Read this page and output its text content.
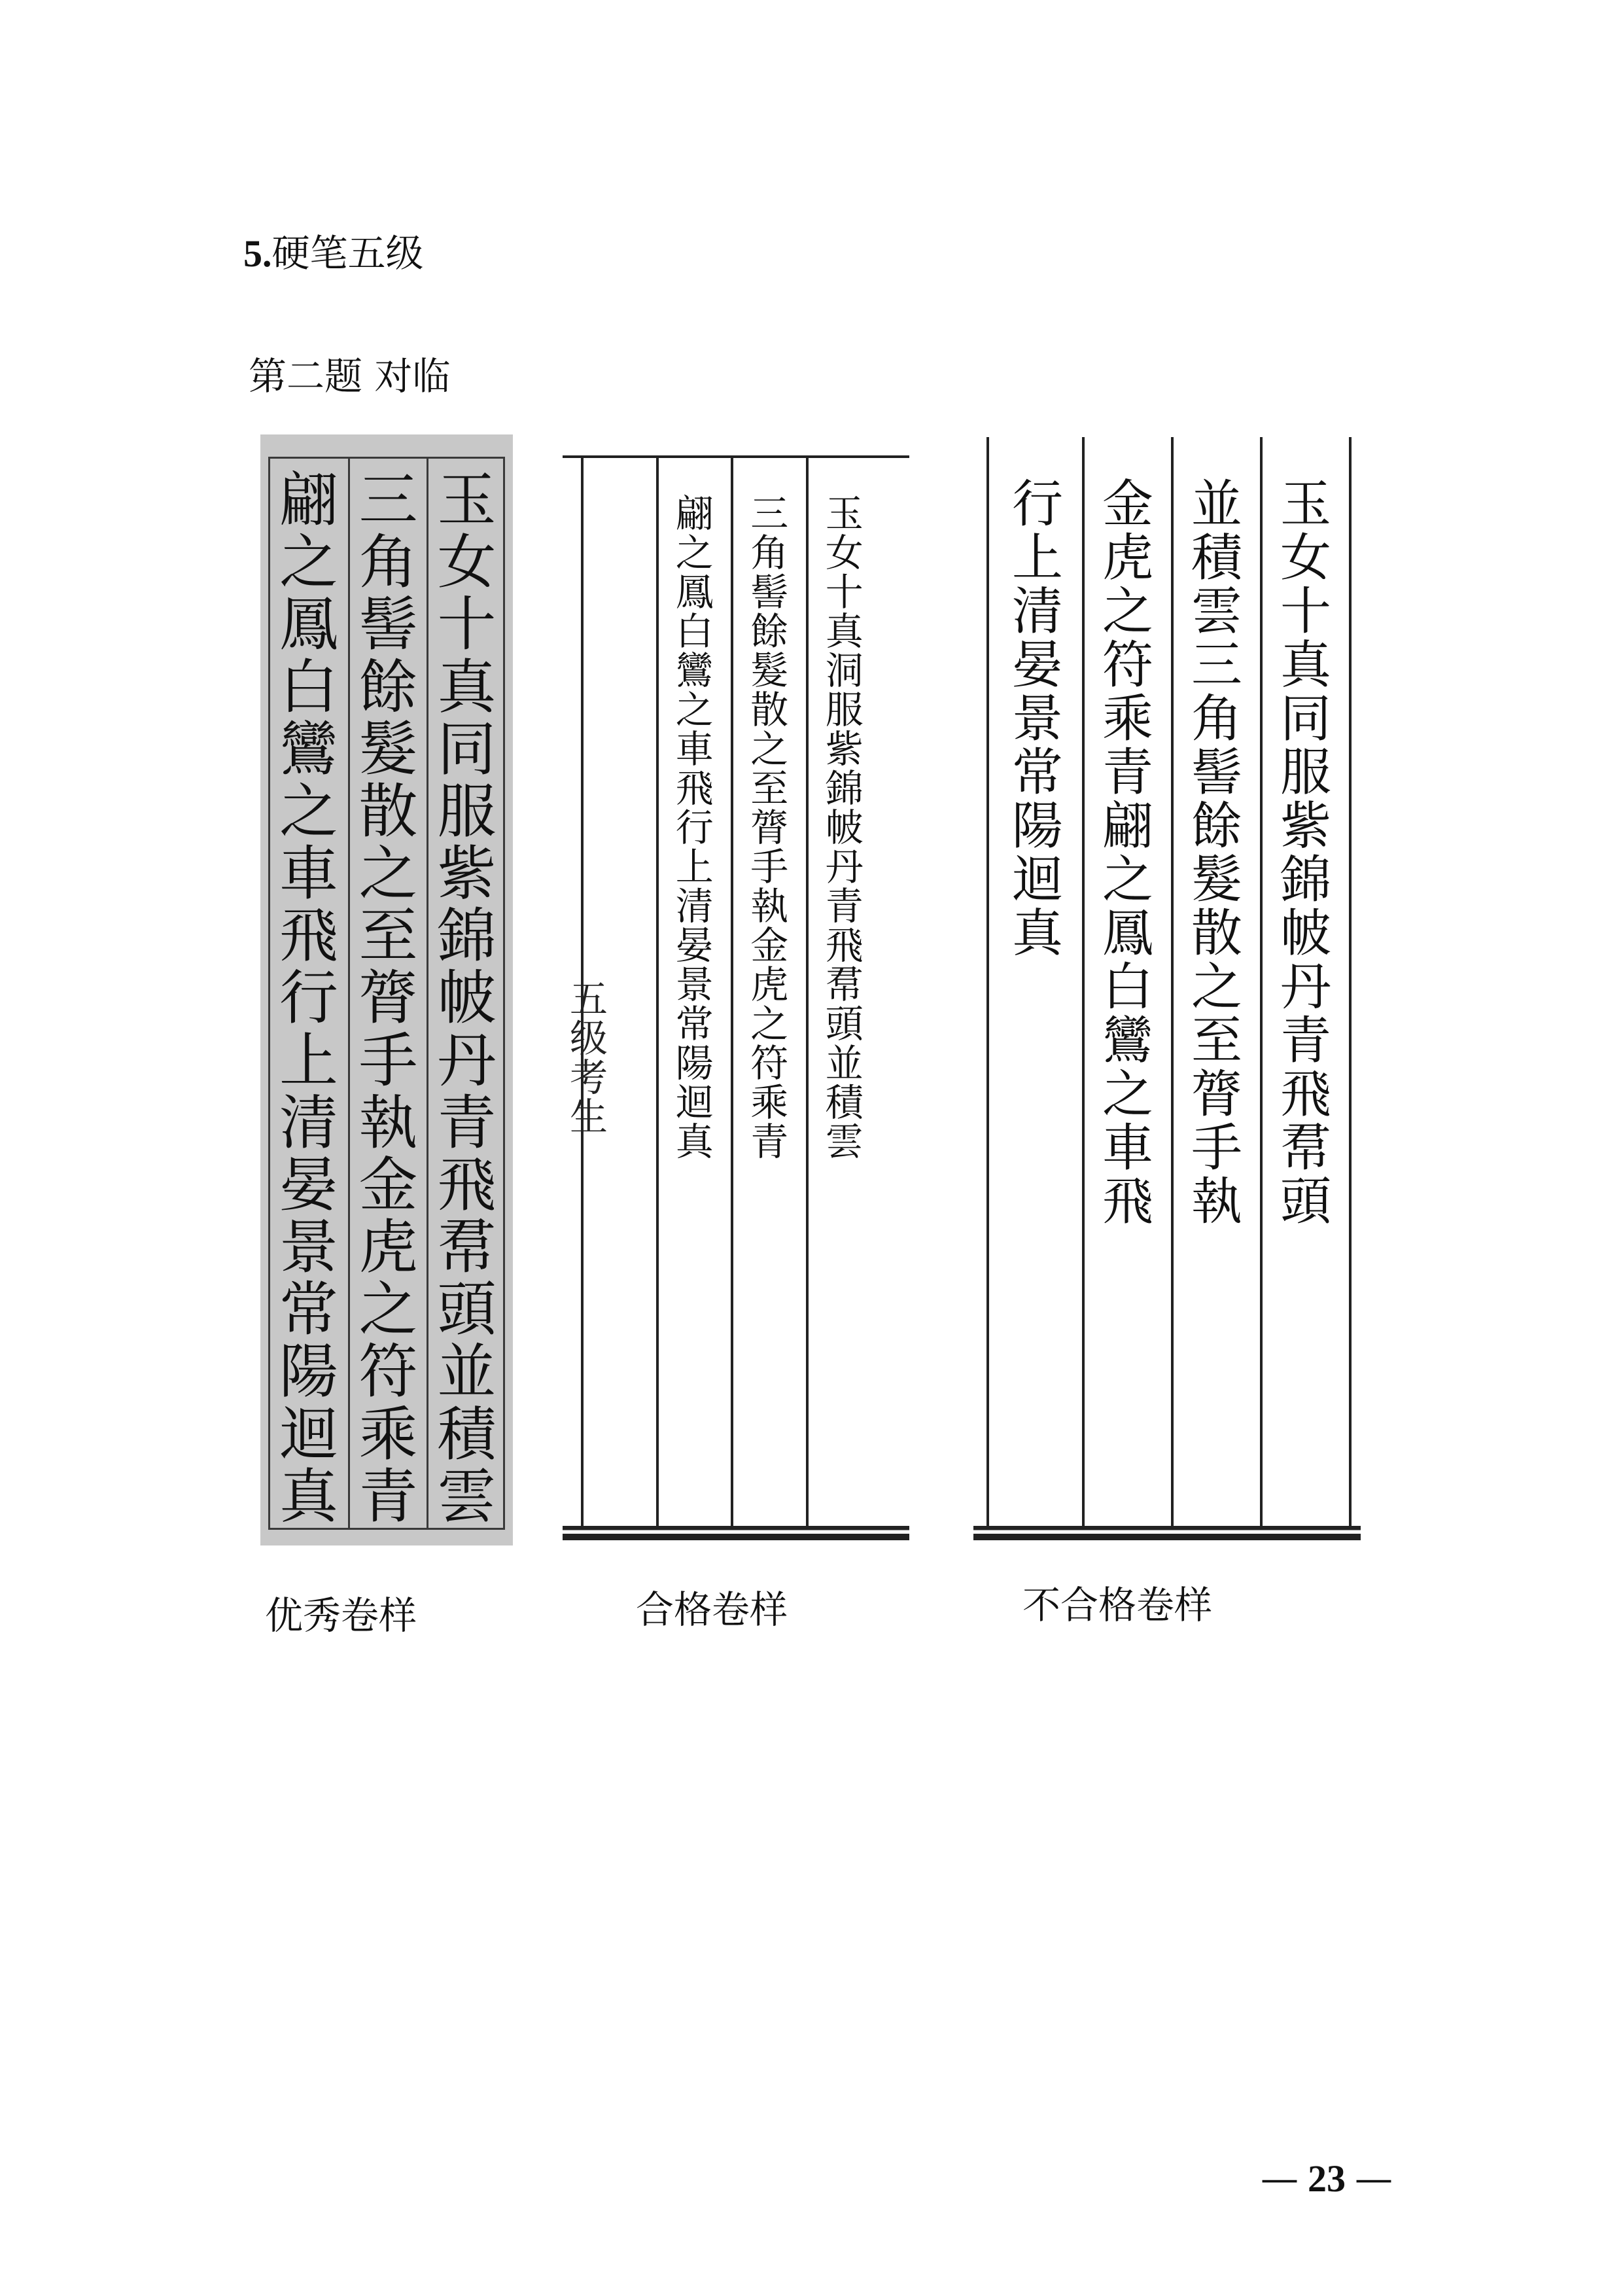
5.硬笔五级
第二题 对临
玉
女
十
真
同
服
紫
錦
帔
丹
青
飛
帬
頭
並
積
雲
三
角
髻
餘
髮
散
之
至
膂
手
執
金
虎
之
符
乘
青
翩
之
鳳
白
鸞
之
車
飛
行
上
清
晏
景
常
陽
迴
真
玉
女
十
真
洞
服
紫
錦
帔
丹
青
飛
帬
頭
並
積
雲
三
角
髻
餘
髮
散
之
至
膂
手
執
金
虎
之
符
乘
青
翩
之
鳳
白
鸞
之
車
飛
行
上
清
晏
景
常
陽
迴
真
五
级
考
生
玉
女
十
真
同
服
紫
錦
帔
丹
青
飛
帬
頭
並
積
雲
三
角
髻
餘
髮
散
之
至
膂
手
執
金
虎
之
符
乘
青
翩
之
鳳
白
鸞
之
車
飛
行
上
清
晏
景
常
陽
迴
真
优秀卷样	合格卷样	不合格卷样
— 23 —
